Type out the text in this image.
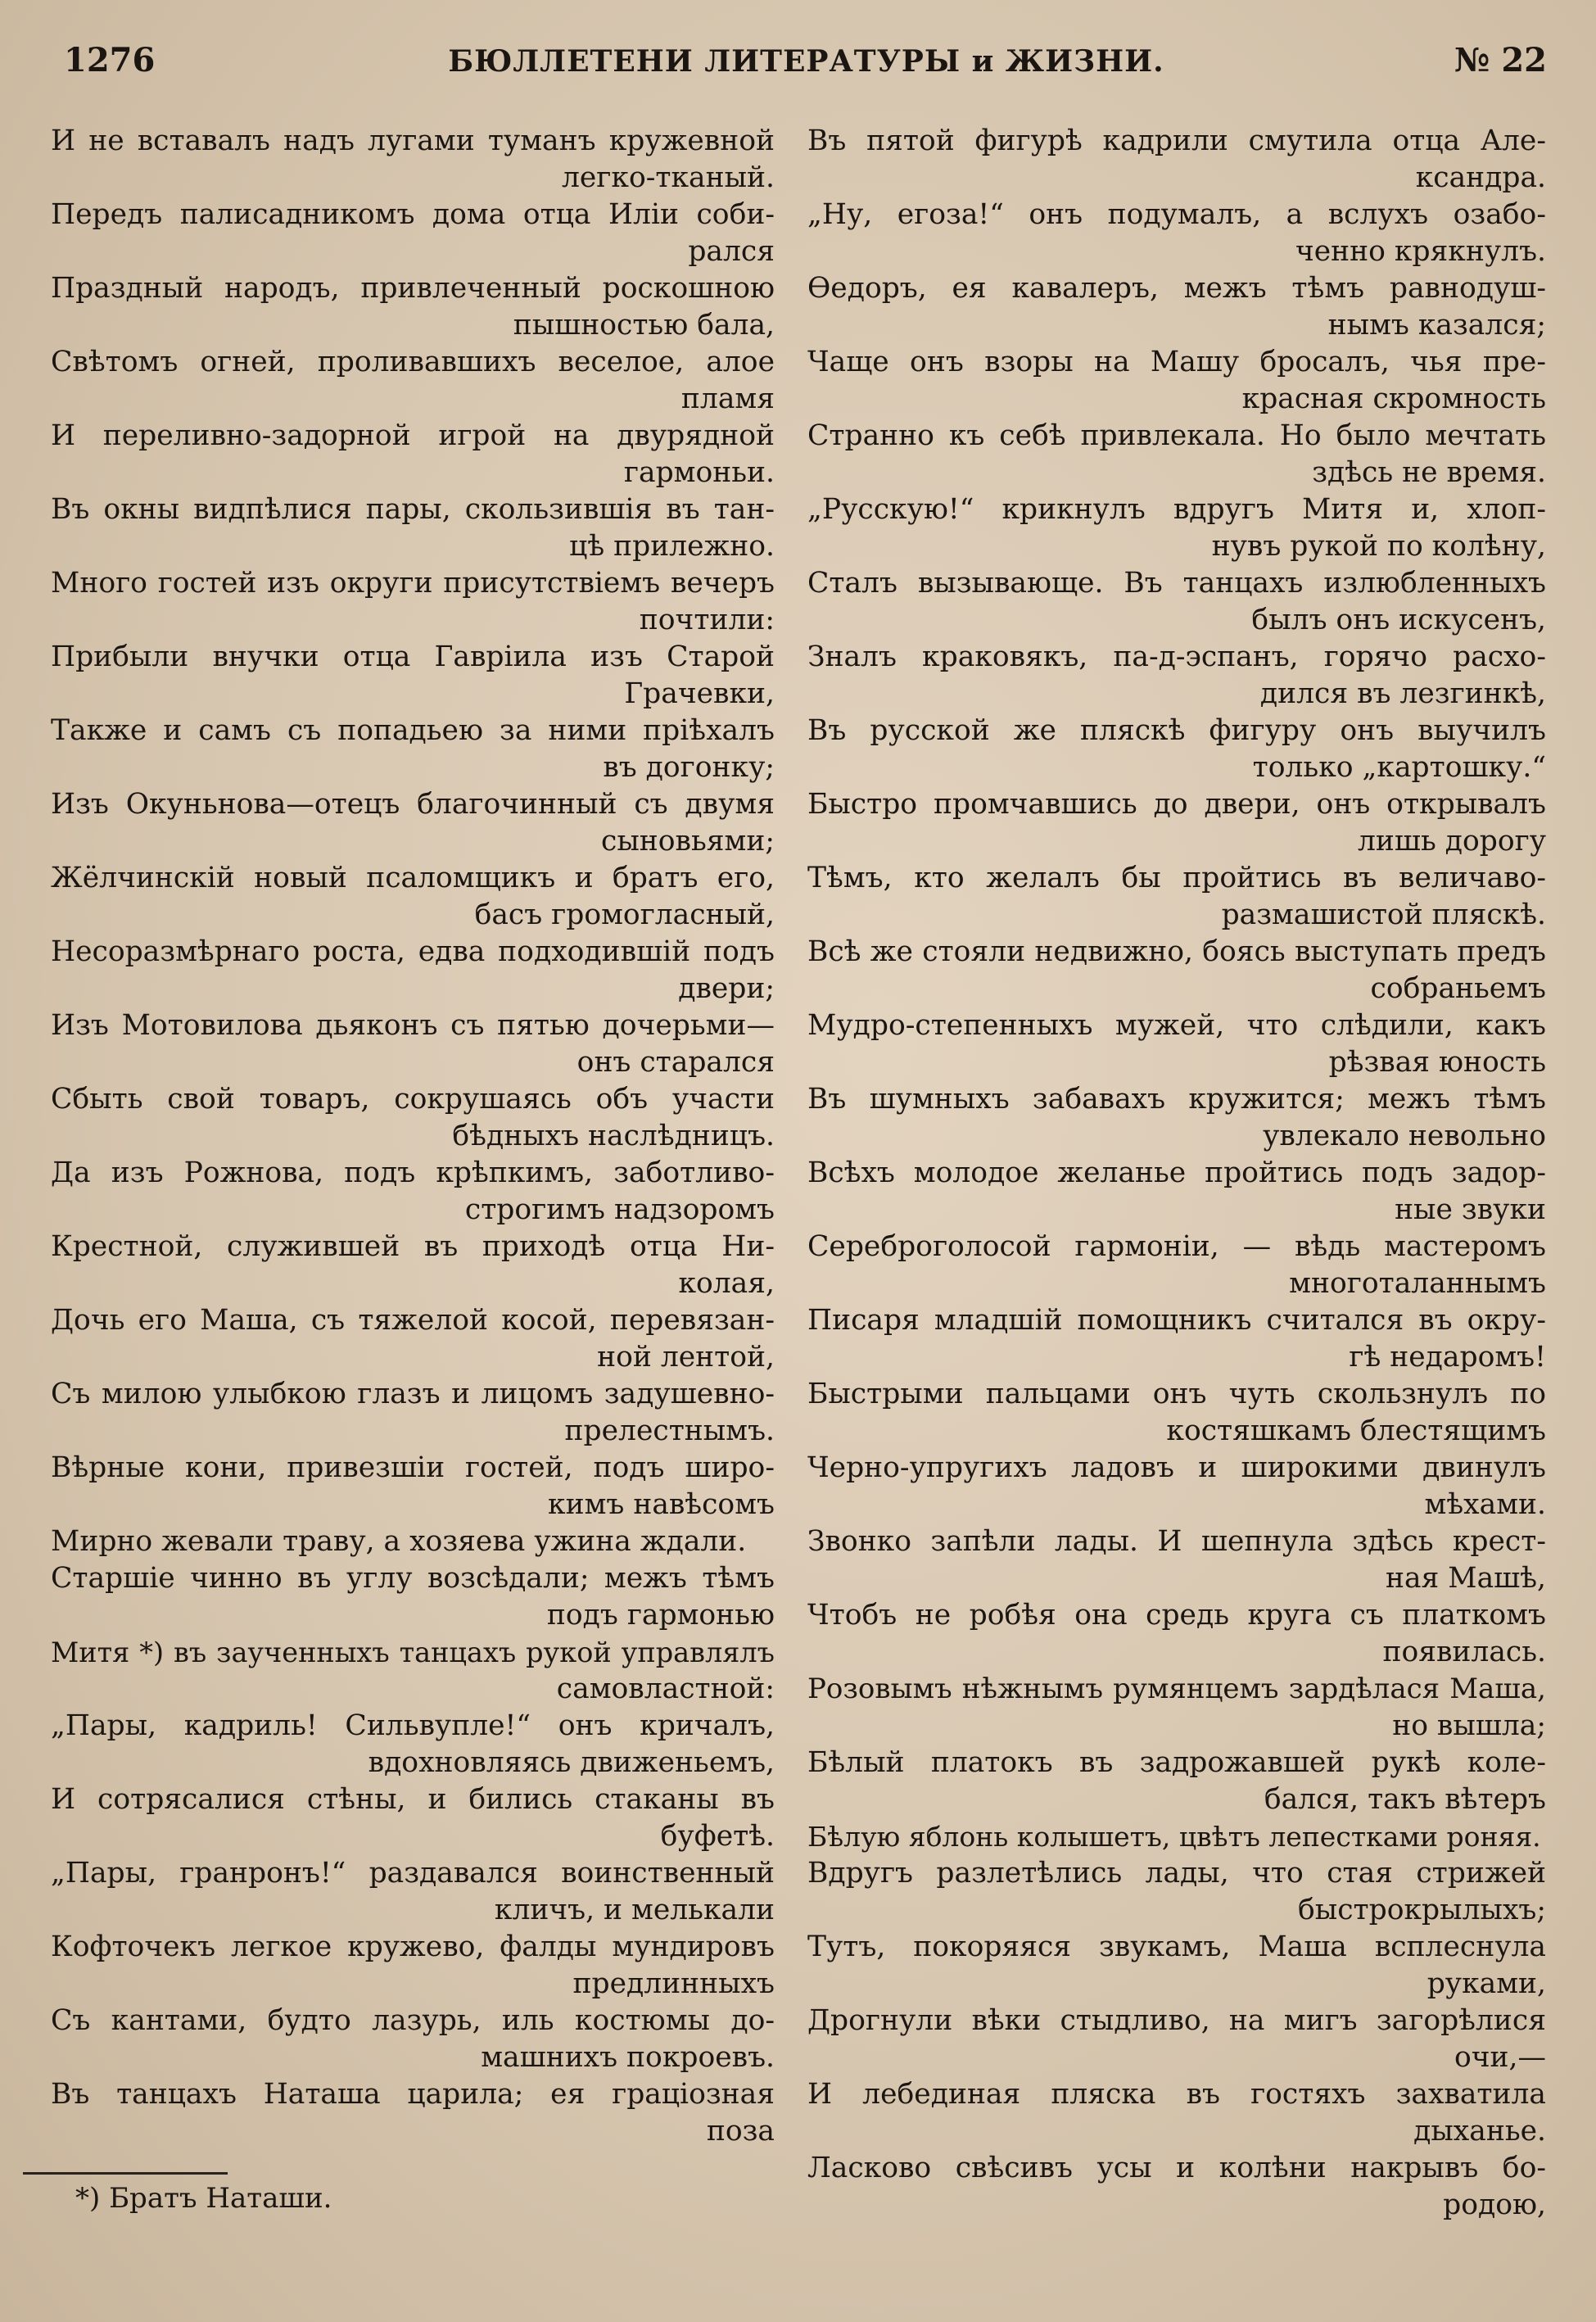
1276	БЮЛЛЕТЕНИ ЛИТЕРАТУРЫ и ЖИЗНИ.	№ 22

И не вставалъ надъ лугами туманъ кружевной

легко-тканый.

Передъ палисадникомъ дома отца Иліи соби-

рался

Праздный народъ, привлеченный роскошною

пышностью бала,

Свѣтомъ огней, проливавшихъ веселое, алое

пламя

И переливно-задорной игрой на двурядной

гармоньи.

Въ окны видпѣлися пары, скользившія въ тан-

цѣ прилежно.

Много гостей изъ округи присутствіемъ вечеръ

почтили:

Прибыли внучки отца Гавріила изъ Старой

Грачевки,

Также и самъ съ попадьею за ними пріѣхалъ

въ догонку;

Изъ Окуньнова—отецъ благочинный съ двумя

сыновьями;

Жёлчинскій новый псаломщикъ и братъ его,

басъ громогласный,

Несоразмѣрнаго роста, едва подходившій подъ

двери;

Изъ Мотовилова дьяконъ съ пятью дочерьми—

онъ старался

Сбыть свой товаръ, сокрушаясь объ участи

бѣдныхъ наслѣдницъ.

Да изъ Рожнова, подъ крѣпкимъ, заботливо-

строгимъ надзоромъ

Крестной, служившей въ приходѣ отца Ни-

колая,

Дочь его Маша, съ тяжелой косой, перевязан-

ной лентой,

Съ милою улыбкою глазъ и лицомъ задушевно-

прелестнымъ.

Вѣрные кони, привезшіи гостей, подъ широ-

кимъ навѣсомъ

Мирно жевали траву, а хозяева ужина ждали.

Старшіе чинно въ углу возсѣдали; межъ тѣмъ

подъ гармонью

Митя *) въ заученныхъ танцахъ рукой управлялъ

самовластной:

„Пары, кадриль! Сильвупле!“ онъ кричалъ,

вдохновляясь движеньемъ,

И сотрясалися стѣны, и бились стаканы въ

буфетѣ.

„Пары, гранронъ!“ раздавался воинственный

кличъ, и мелькали

Кофточекъ легкое кружево, фалды мундировъ

предлинныхъ

Съ кантами, будто лазурь, иль костюмы до-

машнихъ покроевъ.

Въ танцахъ Наташа царила; ея граціозная

поза

Въ пятой фигурѣ кадрили смутила отца Але-

ксандра.

„Ну, егоза!“ онъ подумалъ, а вслухъ озабо-

ченно крякнулъ.

Ѳедоръ, ея кавалеръ, межъ тѣмъ равнодуш-

нымъ казался;

Чаще онъ взоры на Машу бросалъ, чья пре-

красная скромность

Странно къ себѣ привлекала. Но было мечтать

здѣсь не время.

„Русскую!“ крикнулъ вдругъ Митя и, хлоп-

нувъ рукой по колѣну,

Сталъ вызывающе. Въ танцахъ излюбленныхъ

былъ онъ искусенъ,

Зналъ краковякъ, па-д-эспанъ, горячо расхо-

дился въ лезгинкѣ,

Въ русской же пляскѣ фигуру онъ выучилъ

только „картошку.“

Быстро промчавшись до двери, онъ открывалъ

лишь дорогу

Тѣмъ, кто желалъ бы пройтись въ величаво-

размашистой пляскѣ.

Всѣ же стояли недвижно, боясь выступать предъ

собраньемъ

Мудро-степенныхъ мужей, что слѣдили, какъ

рѣзвая юность

Въ шумныхъ забавахъ кружится; межъ тѣмъ

увлекало невольно

Всѣхъ молодое желанье пройтись подъ задор-

ные звуки

Сереброголосой гармоніи, — вѣдь мастеромъ

многоталаннымъ

Писаря младшій помощникъ считался въ окру-

гѣ недаромъ!

Быстрыми пальцами онъ чуть скользнулъ по

костяшкамъ блестящимъ

Черно-упругихъ ладовъ и широкими двинулъ

мѣхами.

Звонко запѣли лады. И шепнула здѣсь крест-

ная Машѣ,

Чтобъ не робѣя она средь круга съ платкомъ

появилась.

Розовымъ нѣжнымъ румянцемъ зардѣлася Маша,

но вышла;

Бѣлый платокъ въ задрожавшей рукѣ коле-

бался, такъ вѣтеръ

Бѣлую яблонь колышетъ, цвѣтъ лепестками роняя.

Вдругъ разлетѣлись лады, что стая стрижей

быстрокрылыхъ;

Тутъ, покоряяся звукамъ, Маша всплеснула

руками,

Дрогнули вѣки стыдливо, на мигъ загорѣлися

очи,—

И лебединая пляска въ гостяхъ захватила

дыханье.

Ласково свѣсивъ усы и колѣни накрывъ бо-

родою,

*) Братъ Наташи.
